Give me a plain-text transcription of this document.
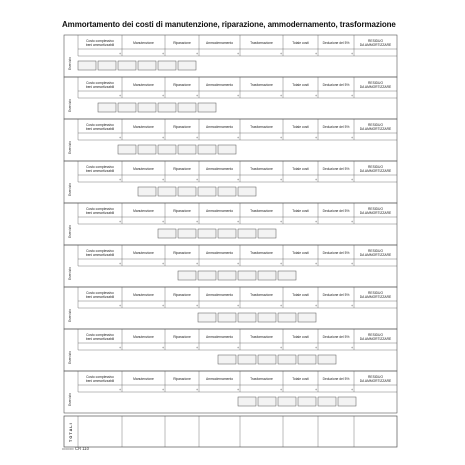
Ammortamento dei costi di manutenzione, riparazione, ammodernamento, trasformazione
Esercizio
Costo complessivo
beni ammortizzabili	Manutenzione	Riparazione	Ammodernamento	Trasformazione	Totale costi	Deduzione del 5%	RESIDUO
DA AMMORTIZZARE
+	+	+	+	+	+	+
Esercizio
Costo complessivo
beni ammortizzabili	Manutenzione	Riparazione	Ammodernamento	Trasformazione	Totale costi	Deduzione del 5%	RESIDUO
DA AMMORTIZZARE
+	+	+	+	+	+	+
Esercizio
Costo complessivo
beni ammortizzabili	Manutenzione	Riparazione	Ammodernamento	Trasformazione	Totale costi	Deduzione del 5%	RESIDUO
DA AMMORTIZZARE
+	+	+	+	+	+	+
Esercizio
Costo complessivo
beni ammortizzabili	Manutenzione	Riparazione	Ammodernamento	Trasformazione	Totale costi	Deduzione del 5%	RESIDUO
DA AMMORTIZZARE
+	+	+	+	+	+	+
Esercizio
Costo complessivo
beni ammortizzabili	Manutenzione	Riparazione	Ammodernamento	Trasformazione	Totale costi	Deduzione del 5%	RESIDUO
DA AMMORTIZZARE
+	+	+	+	+	+	+
Esercizio
Costo complessivo
beni ammortizzabili	Manutenzione	Riparazione	Ammodernamento	Trasformazione	Totale costi	Deduzione del 5%	RESIDUO
DA AMMORTIZZARE
+	+	+	+	+	+	+
Esercizio
Costo complessivo
beni ammortizzabili	Manutenzione	Riparazione	Ammodernamento	Trasformazione	Totale costi	Deduzione del 5%	RESIDUO
DA AMMORTIZZARE
+	+	+	+	+	+	+
Esercizio
Costo complessivo
beni ammortizzabili	Manutenzione	Riparazione	Ammodernamento	Trasformazione	Totale costi	Deduzione del 5%	RESIDUO
DA AMMORTIZZARE
+	+	+	+	+	+	+
Esercizio
Costo complessivo
beni ammortizzabili	Manutenzione	Riparazione	Ammodernamento	Trasformazione	Totale costi	Deduzione del 5%	RESIDUO
DA AMMORTIZZARE
+	+	+	+	+	+	+
T O T A L I
▭▭▭ CR 110
